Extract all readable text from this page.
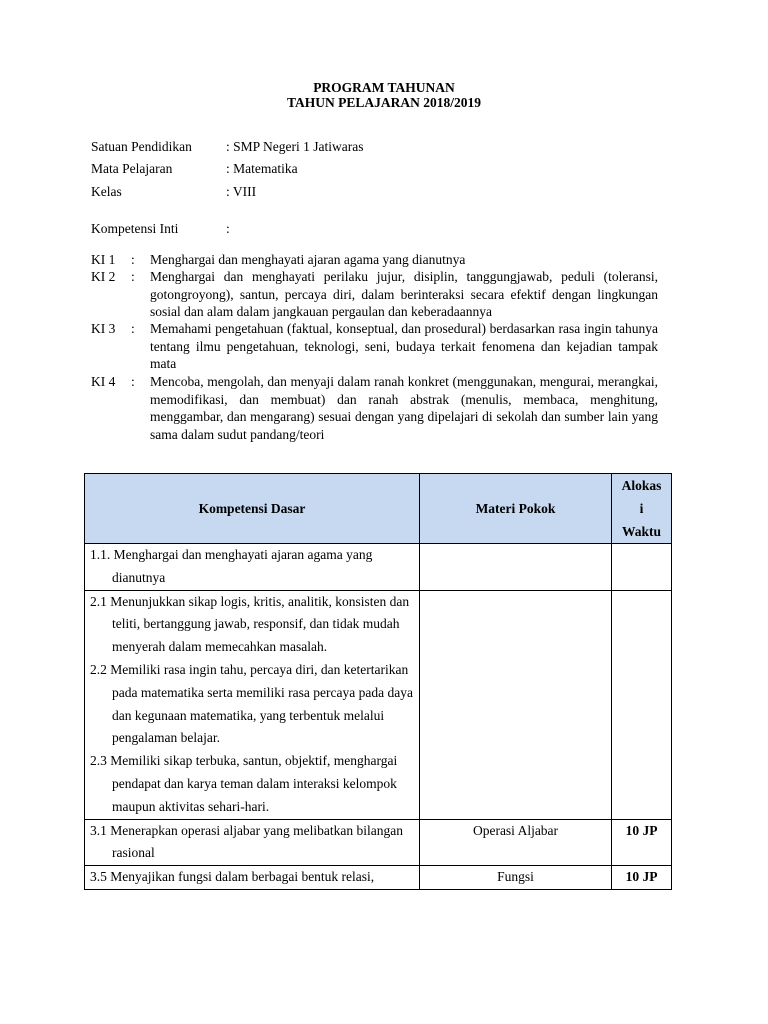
PROGRAM TAHUNAN
TAHUN PELAJARAN 2018/2019
Satuan Pendidikan	: SMP Negeri 1 Jatiwaras
Mata Pelajaran	: Matematika
Kelas	: VIII
Kompetensi Inti	:
KI 1	: Menghargai dan menghayati ajaran agama yang dianutnya
KI 2	: Menghargai dan menghayati perilaku jujur, disiplin, tanggungjawab, peduli (toleransi, gotongroyong), santun, percaya diri, dalam berinteraksi secara efektif dengan lingkungan sosial dan alam dalam jangkauan pergaulan dan keberadaannya
KI 3	: Memahami pengetahuan (faktual, konseptual, dan prosedural) berdasarkan rasa ingin tahunya tentang ilmu pengetahuan, teknologi, seni, budaya terkait fenomena dan kejadian tampak mata
KI 4	: Mencoba, mengolah, dan menyaji dalam ranah konkret (menggunakan, mengurai, merangkai, memodifikasi, dan membuat) dan ranah abstrak (menulis, membaca, menghitung, menggambar, dan mengarang) sesuai dengan yang dipelajari di sekolah dan sumber lain yang sama dalam sudut pandang/teori
Kompetensi Dasar	Materi Pokok	Alokas
i
Waktu

1.1. Menghargai dan menghayati ajaran agama yang dianutnya		

2.1 Menunjukkan sikap logis, kritis, analitik, konsisten dan teliti, bertanggung jawab, responsif, dan tidak mudah menyerah dalam memecahkan masalah.
2.2 Memiliki rasa ingin tahu, percaya diri, dan ketertarikan pada matematika serta memiliki rasa percaya pada daya dan kegunaan matematika, yang terbentuk melalui pengalaman belajar.
2.3 Memiliki sikap terbuka, santun, objektif, menghargai pendapat dan karya teman dalam interaksi kelompok maupun aktivitas sehari-hari.		

3.1 Menerapkan operasi aljabar yang melibatkan bilangan rasional	Operasi Aljabar	10 JP

3.5 Menyajikan fungsi dalam berbagai bentuk relasi,	Fungsi	10 JP
